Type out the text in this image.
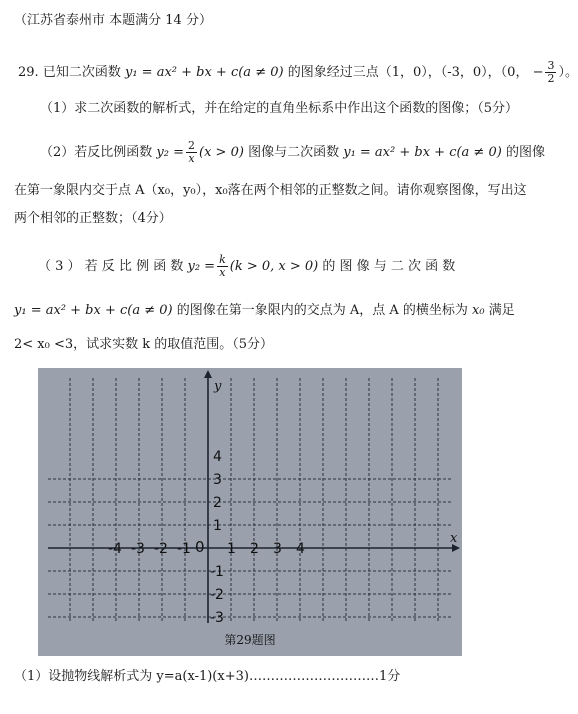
（江苏省泰州市 本题满分 14 分）
29. 已知二次函数 y₁ = ax² + bx + c(a ≠ 0) 的图象经过三点（1，0），（-3，0），（0， − $\frac{3}{2}$ ）。
（1）求二次函数的解析式，并在给定的直角坐标系中作出这个函数的图像；（5分）
（2）若反比例函数 $y_2 = \frac{2}{x} (x > 0)$ 图像与二次函数 y₁ = ax² + bx + c(a ≠ 0) 的图像
在第一象限内交于点 A（x₀，y₀），x₀落在两个相邻的正整数之间。请你观察图像，写出这
两个相邻的正整数；（4分）
（ 3 ） 若 反 比 例 函 数 $y_2 = \frac{k}{x} (k > 0$, x > 0) 的 图 像 与 二 次 函 数
y₁ = ax² + bx + c(a ≠ 0) 的图像在第一象限内的交点为 A，点 A 的横坐标为 x₀ 满足
2< x₀ <3，试求实数 k 的取值范围。（5分）
x
y
0
-4 -3 -2 -1	1 2 3 4
4
3
2
1
-1
-2
-3
第29题图
（1）设抛物线解析式为 y=a(x-1)(x+3)…………………………1分
